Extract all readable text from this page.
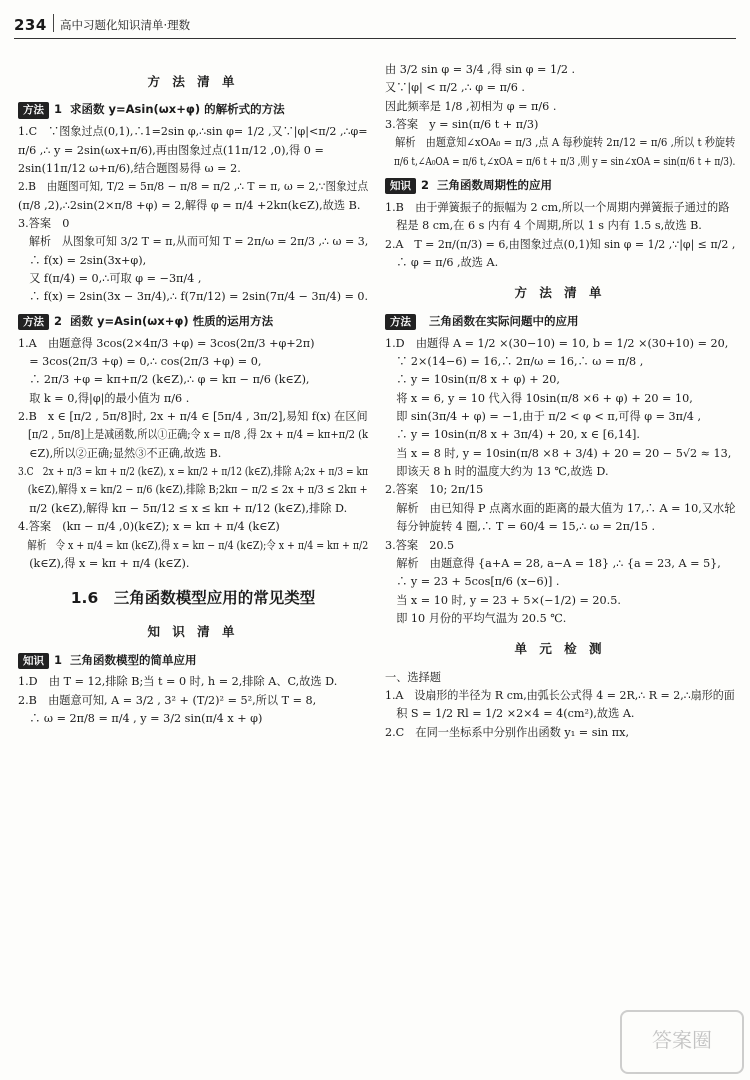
234 高中习题化知识清单·理数
方 法 清 单
方法 1 求函数 y=Asin(ωx+φ) 的解析式的方法
1.C　∵图象过点(0,1),∴1=2sin φ,∴sin φ= 1/2 ,又∵|φ|<π/2 ,∴φ=
π/6 ,∴ y = 2sin(ωx+π/6),再由图象过点(11π/12 ,0),得 0 =
2sin(11π/12 ω+π/6),结合题图易得 ω = 2.
2.B　由题图可知, T/2 = 5π/8 − π/8 = π/2 ,∴ T = π, ω = 2,∵图象过点
(π/8 ,2),∴2sin(2×π/8 +φ) = 2,解得 φ = π/4 +2kπ(k∈Z),故选 B.
3.答案　0
　解析　从图象可知 3/2 T = π,从而可知 T = 2π/ω = 2π/3 ,∴ ω = 3,
　∴ f(x) = 2sin(3x+φ),
　又 f(π/4) = 0,∴可取 φ = −3π/4 ,
　∴ f(x) = 2sin(3x − 3π/4),∴ f(7π/12) = 2sin(7π/4 − 3π/4) = 0.
方法 2 函数 y=Asin(ωx+φ) 性质的运用方法
1.A　由题意得 3cos(2×4π/3 +φ) = 3cos(2π/3 +φ+2π)
　= 3cos(2π/3 +φ) = 0,∴ cos(2π/3 +φ) = 0,
　∴ 2π/3 +φ = kπ+π/2 (k∈Z),∴ φ = kπ − π/6 (k∈Z),
　取 k = 0,得|φ|的最小值为 π/6 .
2.B　x ∈ [π/2 , 5π/8]时, 2x + π/4 ∈ [5π/4 , 3π/2],易知 f(x) 在区间
　[π/2 , 5π/8]上是减函数,所以①正确;令 x = π/8 ,得 2x + π/4 = kπ+π/2 (k
　∈Z),所以②正确;显然③不正确,故选 B.
3.C　2x + π/3 = kπ + π/2 (k∈Z), x = kπ/2 + π/12 (k∈Z),排除 A;2x + π/3 = kπ
　(k∈Z),解得 x = kπ/2 − π/6 (k∈Z),排除 B;2kπ − π/2 ≤ 2x + π/3 ≤ 2kπ +
　π/2 (k∈Z),解得 kπ − 5π/12 ≤ x ≤ kπ + π/12 (k∈Z),排除 D.
4.答案　(kπ − π/4 ,0)(k∈Z); x = kπ + π/4 (k∈Z)
　解析　令 x + π/4 = kπ (k∈Z),得 x = kπ − π/4 (k∈Z);令 x + π/4 = kπ + π/2
　(k∈Z),得 x = kπ + π/4 (k∈Z).
1.6　三角函数模型应用的常见类型
知 识 清 单
知识 1 三角函数模型的简单应用
1.D　由 T = 12,排除 B;当 t = 0 时, h = 2,排除 A、C,故选 D.
2.B　由题意可知, A = 3/2 , 3² + (T/2)² = 5²,所以 T = 8,
　∴ ω = 2π/8 = π/4 , y = 3/2 sin(π/4 x + φ)
由 3/2 sin φ = 3/4 ,得 sin φ = 1/2 .
又∵|φ| < π/2 ,∴ φ = π/6 .
因此频率是 1/8 ,初相为 φ = π/6 .
3.答案　y = sin(π/6 t + π/3)
　解析　由题意知∠xOA₀ = π/3 ,点 A 每秒旋转 2π/12 = π/6 ,所以 t 秒旋转
　π/6 t,∠A₀OA = π/6 t,∠xOA = π/6 t + π/3 ,则 y = sin∠xOA = sin(π/6 t + π/3).
知识 2 三角函数周期性的应用
1.B　由于弹簧振子的振幅为 2 cm,所以一个周期内弹簧振子通过的路
　程是 8 cm,在 6 s 内有 4 个周期,所以 1 s 内有 1.5 s,故选 B.
2.A　T = 2π/(π/3) = 6,由图象过点(0,1)知 sin φ = 1/2 ,∵|φ| ≤ π/2 ,
　∴ φ = π/6 ,故选 A.
方 法 清 单
方法 三角函数在实际问题中的应用
1.D　由题得 A = 1/2 ×(30−10) = 10, b = 1/2 ×(30+10) = 20,
　∵ 2×(14−6) = 16,∴ 2π/ω = 16,∴ ω = π/8 ,
　∴ y = 10sin(π/8 x + φ) + 20,
　将 x = 6, y = 10 代入得 10sin(π/8 ×6 + φ) + 20 = 10,
　即 sin(3π/4 + φ) = −1,由于 π/2 < φ < π,可得 φ = 3π/4 ,
　∴ y = 10sin(π/8 x + 3π/4) + 20, x ∈ [6,14].
　当 x = 8 时, y = 10sin(π/8 ×8 + 3/4) + 20 = 20 − 5√2 ≈ 13,
　即该天 8 h 时的温度大约为 13 ℃,故选 D.
2.答案　10; 2π/15
　解析　由已知得 P 点离水面的距离的最大值为 17,∴ A = 10,又水轮
　每分钟旋转 4 圈,∴ T = 60/4 = 15,∴ ω = 2π/15 .
3.答案　20.5
　解析　由题意得 {a+A = 28, a−A = 18} ,∴ {a = 23, A = 5},
　∴ y = 23 + 5cos[π/6 (x−6)] .
　当 x = 10 时, y = 23 + 5×(−1/2) = 20.5.
　即 10 月份的平均气温为 20.5 ℃.
单 元 检 测
一、选择题
1.A　设扇形的半径为 R cm,由弧长公式得 4 = 2R,∴ R = 2,∴扇形的面
　积 S = 1/2 Rl = 1/2 ×2×4 = 4(cm²),故选 A.
2.C　在同一坐标系中分别作出函数 y₁ = sin πx,
答案圈
